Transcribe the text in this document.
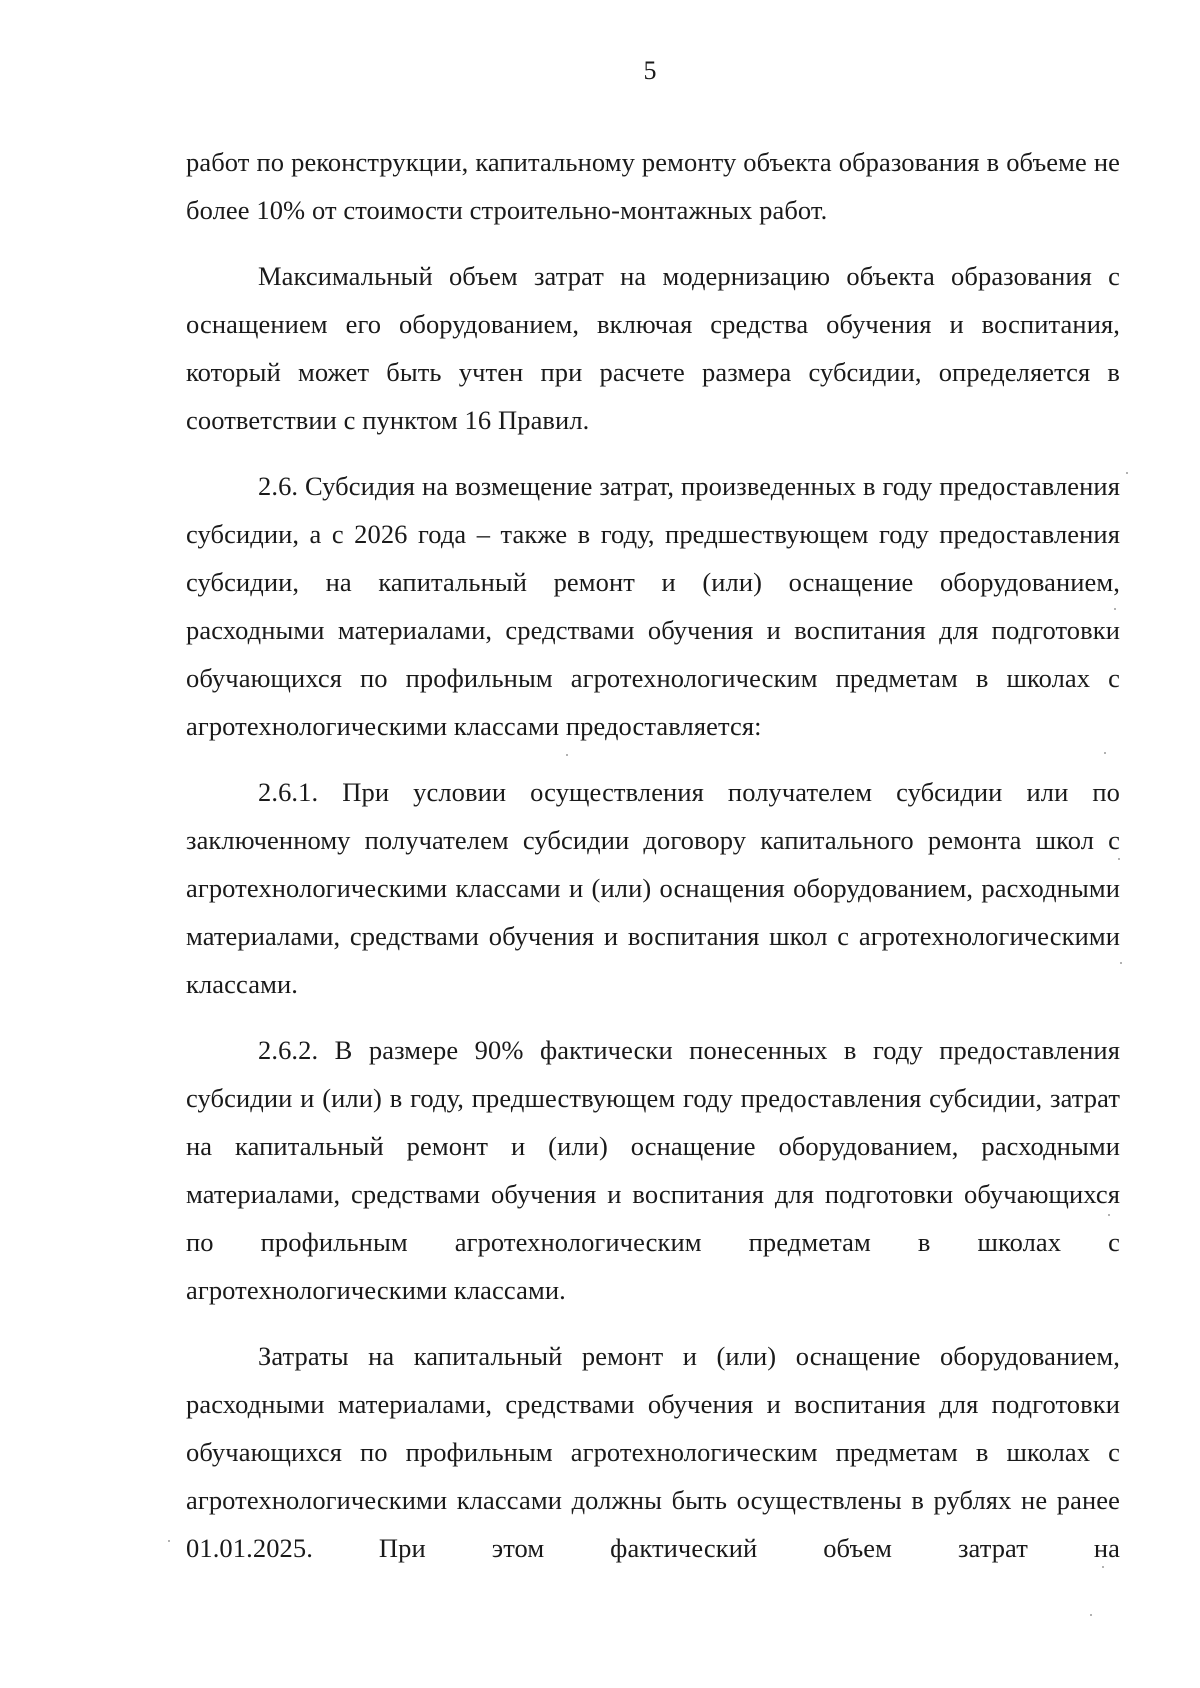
5

работ по реконструкции, капитальному ремонту объекта образования в объеме не более 10% от стоимости строительно-монтажных работ.

Максимальный объем затрат на модернизацию объекта образования с оснащением его оборудованием, включая средства обучения и воспитания, который может быть учтен при расчете размера субсидии, определяется в соответствии с пунктом 16 Правил.

2.6. Субсидия на возмещение затрат, произведенных в году предоставления субсидии, а с 2026 года – также в году, предшествующем году предоставления субсидии, на капитальный ремонт и (или) оснащение оборудованием, расходными материалами, средствами обучения и воспитания для подготовки обучающихся по профильным агротехнологическим предметам в школах с агротехнологическими классами предоставляется:

2.6.1. При условии осуществления получателем субсидии или по заключенному получателем субсидии договору капитального ремонта школ с агротехнологическими классами и (или) оснащения оборудованием, расходными материалами, средствами обучения и воспитания школ с агротехнологическими классами.

2.6.2. В размере 90% фактически понесенных в году предоставления субсидии и (или) в году, предшествующем году предоставления субсидии, затрат на капитальный ремонт и (или) оснащение оборудованием, расходными материалами, средствами обучения и воспитания для подготовки обучающихся по профильным агротехнологическим предметам в школах с агротехнологическими классами.

Затраты на капитальный ремонт и (или) оснащение оборудованием, расходными материалами, средствами обучения и воспитания для подготовки обучающихся по профильным агротехнологическим предметам в школах с агротехнологическими классами должны быть осуществлены в рублях не ранее 01.01.2025. При этом фактический объем затрат на
